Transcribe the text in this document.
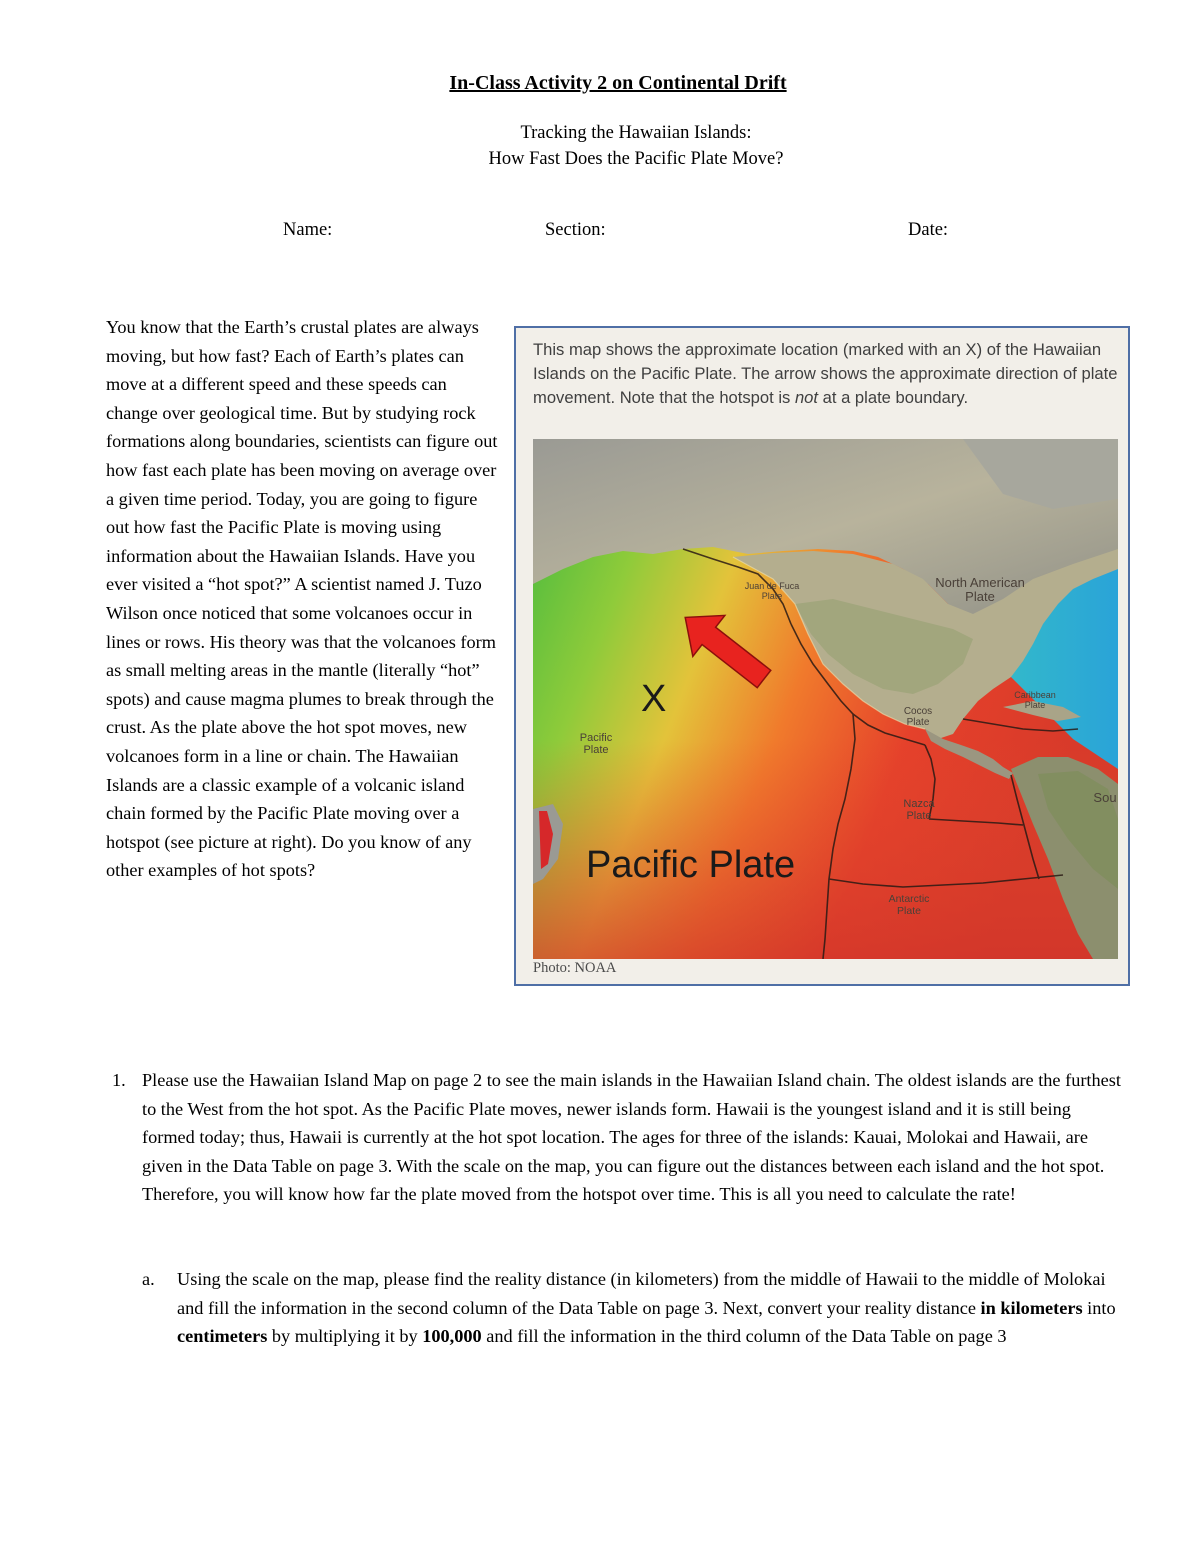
In-Class Activity 2 on Continental Drift
Tracking the Hawaiian Islands:
How Fast Does the Pacific Plate Move?
Name:	Section:	Date:

You know that the Earth’s crustal plates are always moving, but how fast? Each of Earth’s plates can move at a different speed and these speeds can change over geological time. But by studying rock formations along boundaries, scientists can figure out how fast each plate has been moving on average over a given time period. Today, you are going to figure out how fast the Pacific Plate is moving using information about the Hawaiian Islands. Have you ever visited a “hot spot?” A scientist named J. Tuzo Wilson once noticed that some volcanoes occur in lines or rows. His theory was that the volcanoes form as small melting areas in the mantle (literally “hot” spots) and cause magma plumes to break through the crust. As the plate above the hot spot moves, new volcanoes form in a line or chain. The Hawaiian Islands are a classic example of a volcanic island chain formed by the Pacific Plate moving over a hotspot (see picture at right). Do you know of any other examples of hot spots?

This map shows the approximate location (marked with an X) of the Hawaiian Islands on the Pacific Plate. The arrow shows the approximate direction of plate movement. Note that the hotspot is not at a plate boundary.
X
Pacific Plate
Pacific
Plate
Juan de Fuca
Plate
North American
Plate
Caribbean
Plate
Cocos
Plate
Nazca
Plate
Antarctic
Plate
Sou
Photo: NOAA
1. Please use the Hawaiian Island Map on page 2 to see the main islands in the Hawaiian Island chain. The oldest islands are the furthest to the West from the hot spot. As the Pacific Plate moves, newer islands form. Hawaii is the youngest island and it is still being formed today; thus, Hawaii is currently at the hot spot location. The ages for three of the islands: Kauai, Molokai and Hawaii, are given in the Data Table on page 3. With the scale on the map, you can figure out the distances between each island and the hot spot. Therefore, you will know how far the plate moved from the hotspot over time. This is all you need to calculate the rate!

a. Using the scale on the map, please find the reality distance (in kilometers) from the middle of Hawaii to the middle of Molokai and fill the information in the second column of the Data Table on page 3. Next, convert your reality distance in kilometers into centimeters by multiplying it by 100,000 and fill the information in the third column of the Data Table on page 3
